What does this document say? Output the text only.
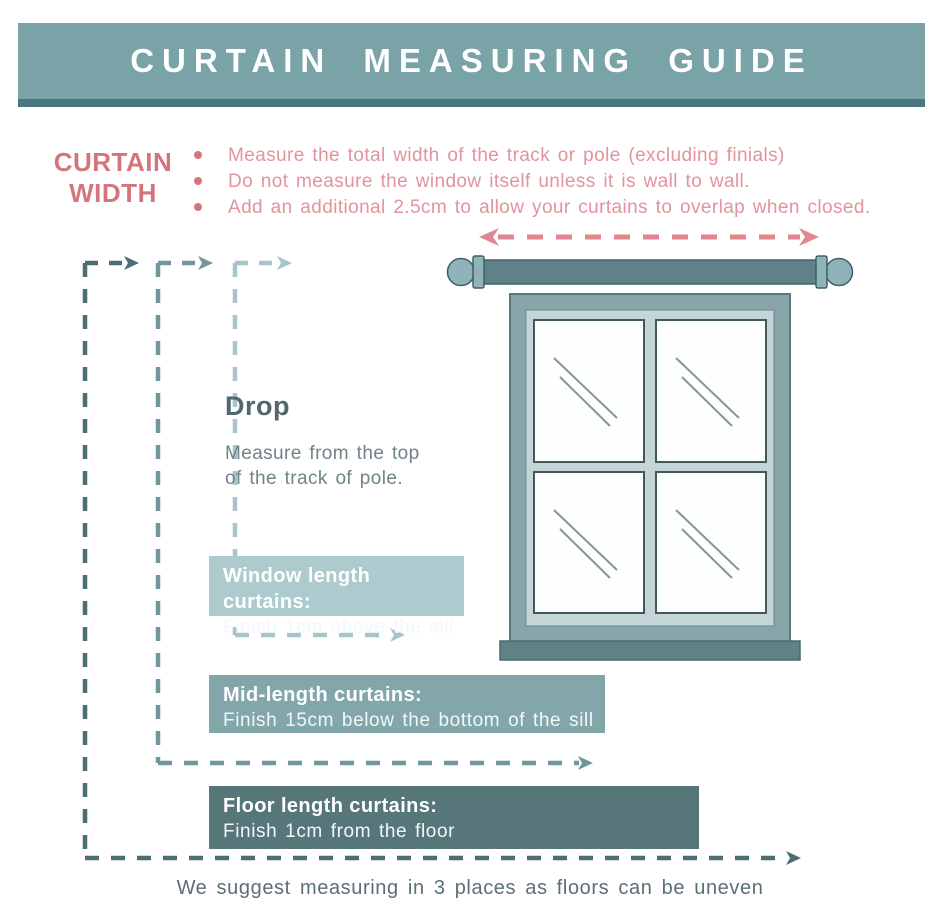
CURTAIN MEASURING GUIDE
CURTAIN
WIDTH
Measure the total width of the track or pole (excluding finials)
Do not measure the window itself unless it is wall to wall.
Add an additional 2.5cm to allow your curtains to overlap when closed.
Drop

Measure from the top
of the track of pole.

Window length curtains:
Finish 1cm above the sill
Mid-length curtains:
Finish 15cm below the bottom of the sill
Floor length curtains:
Finish 1cm from the floor
We suggest measuring in 3 places as floors can be uneven
